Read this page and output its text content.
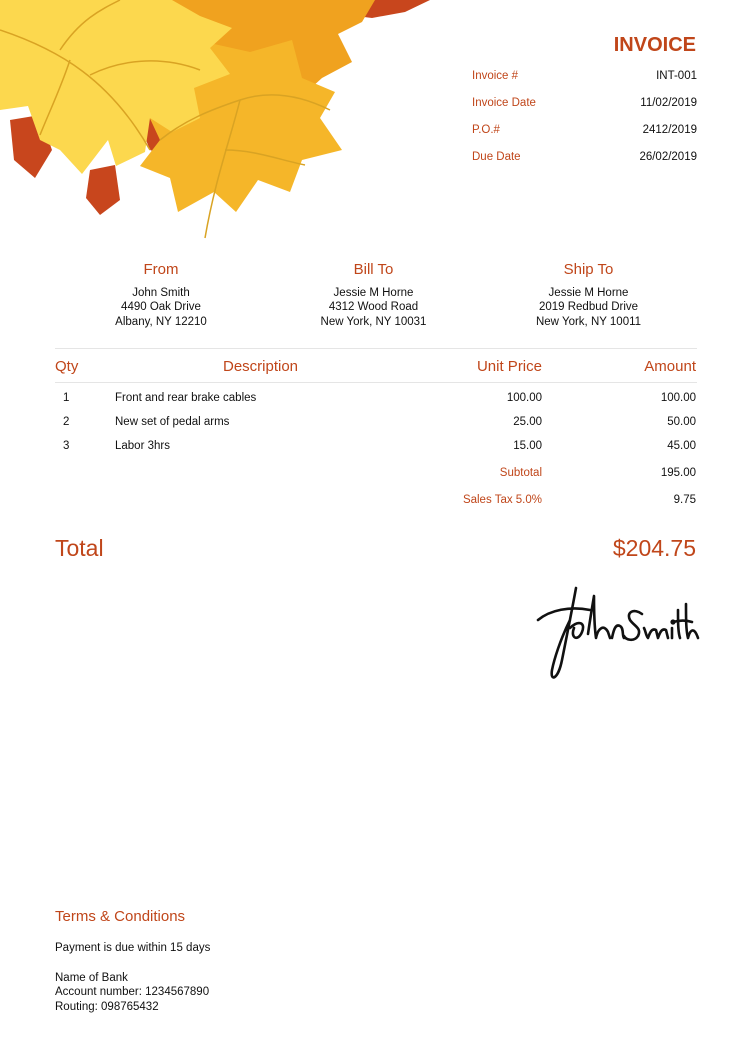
INVOICE
Invoice #	INT-001
Invoice Date	11/02/2019
P.O.#	2412/2019
Due Date	26/02/2019
From
John Smith
4490 Oak Drive
Albany, NY 12210
Bill To
Jessie M Horne
4312 Wood Road
New York, NY 10031
Ship To
Jessie M Horne
2019 Redbud Drive
New York, NY 10011
Qty	Description	Unit Price	Amount
1	Front and rear brake cables	100.00	100.00
2	New set of pedal arms	25.00	50.00
3	Labor 3hrs	15.00	45.00
Subtotal	195.00
Sales Tax 5.0%	9.75
Total	$204.75
Terms & Conditions

Payment is due within 15 days

Name of Bank

Account number: 1234567890

Routing: 098765432
